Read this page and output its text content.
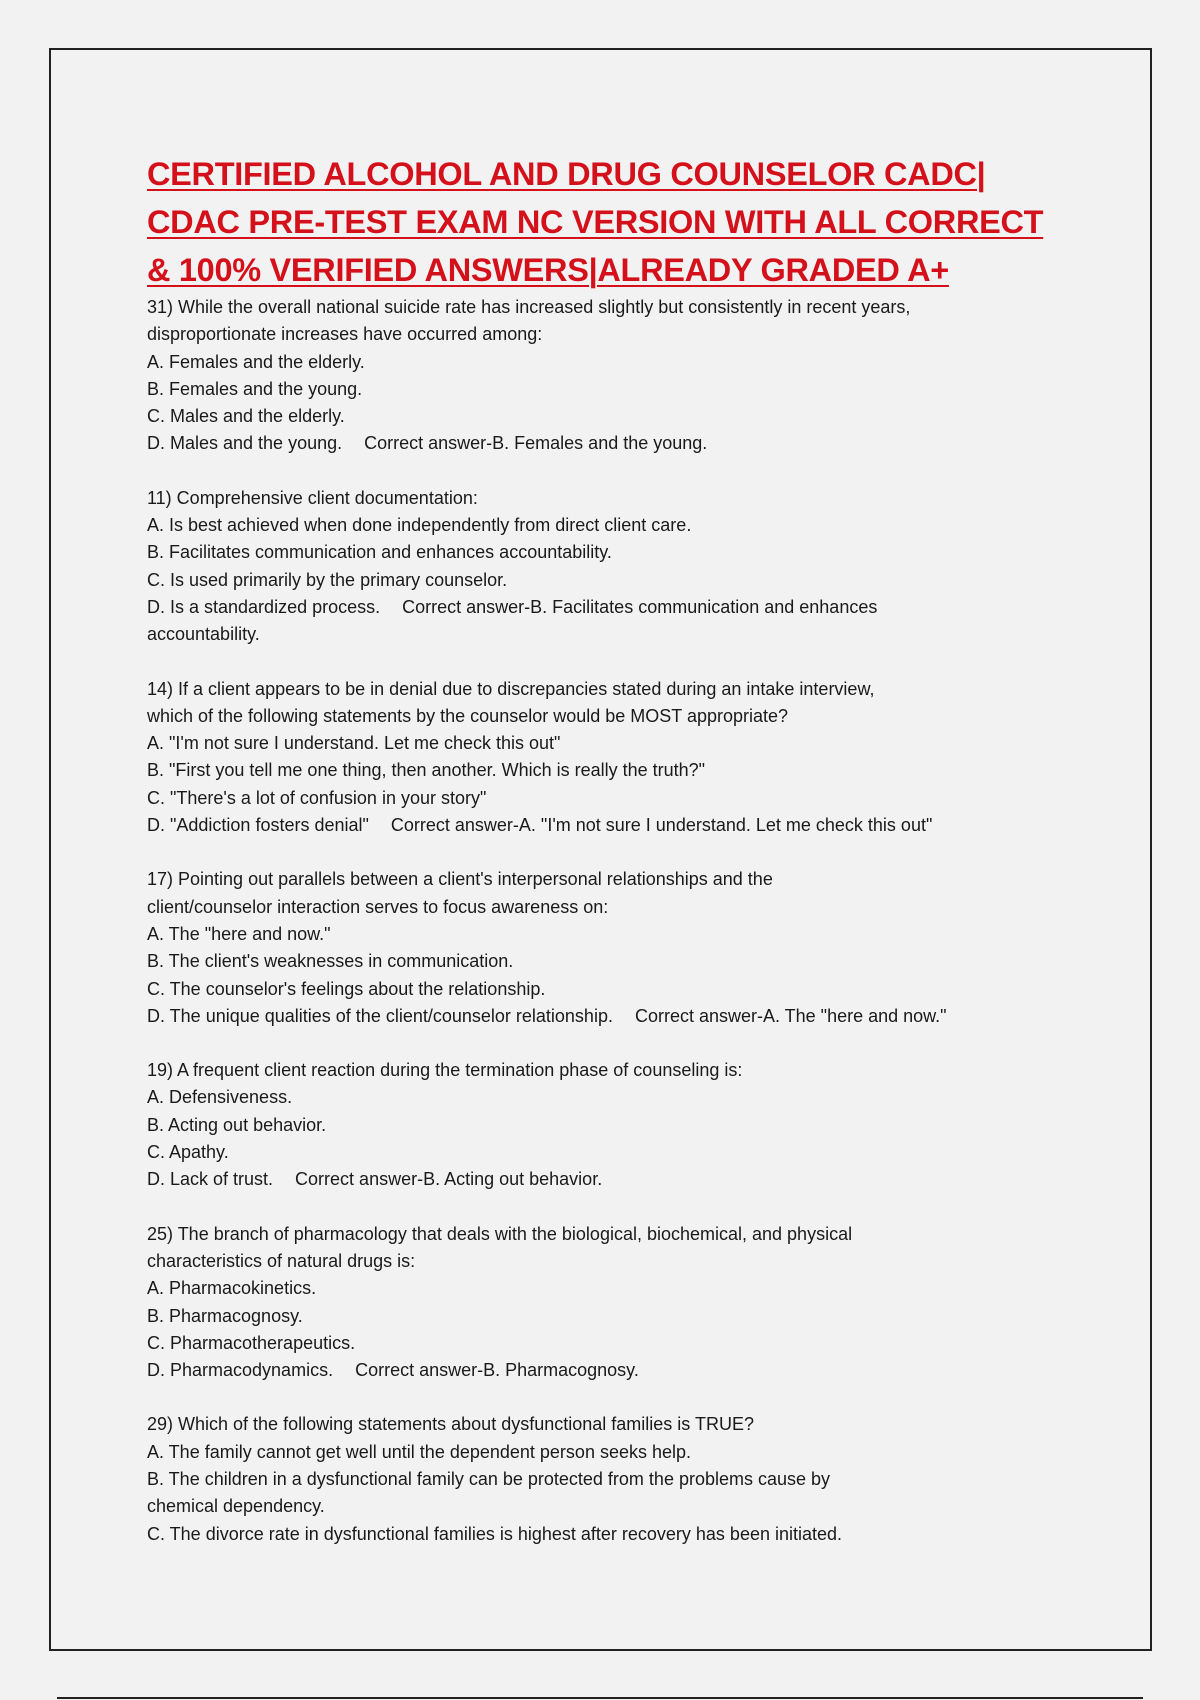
CERTIFIED ALCOHOL AND DRUG COUNSELOR CADC|
CDAC PRE-TEST EXAM NC VERSION WITH ALL CORRECT
& 100% VERIFIED ANSWERS|ALREADY GRADED A+
31) While the overall national suicide rate has increased slightly but consistently in recent years,
disproportionate increases have occurred among:
A. Females and the elderly.
B. Females and the young.
C. Males and the elderly.
D. Males and the young. Correct answer-B. Females and the young.
11) Comprehensive client documentation:
A. Is best achieved when done independently from direct client care.
B. Facilitates communication and enhances accountability.
C. Is used primarily by the primary counselor.
D. Is a standardized process. Correct answer-B. Facilitates communication and enhances
accountability.
14) If a client appears to be in denial due to discrepancies stated during an intake interview,
which of the following statements by the counselor would be MOST appropriate?
A. "I'm not sure I understand. Let me check this out"
B. "First you tell me one thing, then another. Which is really the truth?"
C. "There's a lot of confusion in your story"
D. "Addiction fosters denial" Correct answer-A. "I'm not sure I understand. Let me check this out"
17) Pointing out parallels between a client's interpersonal relationships and the
client/counselor interaction serves to focus awareness on:
A. The "here and now."
B. The client's weaknesses in communication.
C. The counselor's feelings about the relationship.
D. The unique qualities of the client/counselor relationship. Correct answer-A. The "here and now."
19) A frequent client reaction during the termination phase of counseling is:
A. Defensiveness.
B. Acting out behavior.
C. Apathy.
D. Lack of trust. Correct answer-B. Acting out behavior.
25) The branch of pharmacology that deals with the biological, biochemical, and physical
characteristics of natural drugs is:
A. Pharmacokinetics.
B. Pharmacognosy.
C. Pharmacotherapeutics.
D. Pharmacodynamics. Correct answer-B. Pharmacognosy.
29) Which of the following statements about dysfunctional families is TRUE?
A. The family cannot get well until the dependent person seeks help.
B. The children in a dysfunctional family can be protected from the problems cause by
chemical dependency.
C. The divorce rate in dysfunctional families is highest after recovery has been initiated.
